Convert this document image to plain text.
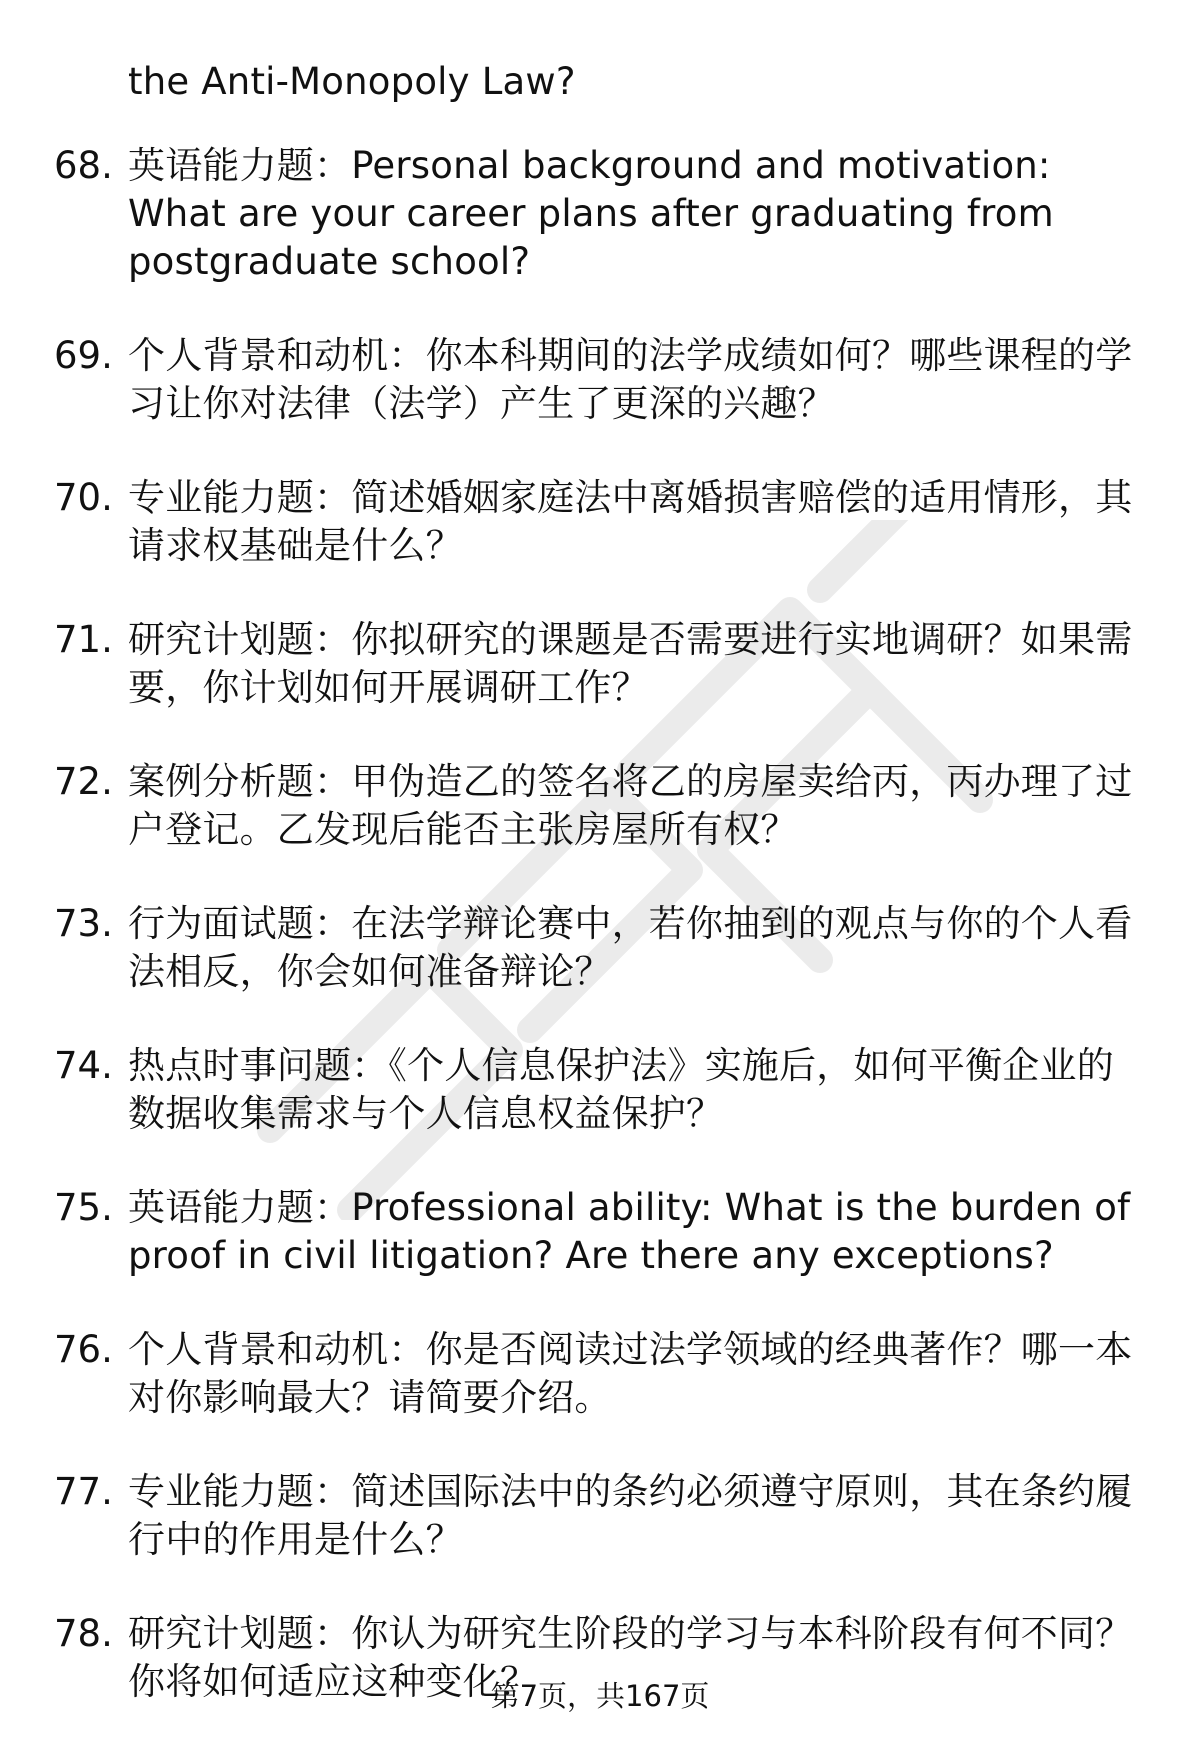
the Anti-Monopoly Law?
68. 英语能力题：Personal background and motivation: What are your career plans after graduating from postgraduate school?
69. 个人背景和动机：你本科期间的法学成绩如何？哪些课程的学习让你对法律（法学）产生了更深的兴趣？
70. 专业能力题：简述婚姻家庭法中离婚损害赔偿的适用情形，其请求权基础是什么？
71. 研究计划题：你拟研究的课题是否需要进行实地调研？如果需要，你计划如何开展调研工作？
72. 案例分析题：甲伪造乙的签名将乙的房屋卖给丙，丙办理了过户登记。乙发现后能否主张房屋所有权？
73. 行为面试题：在法学辩论赛中，若你抽到的观点与你的个人看法相反，你会如何准备辩论？
74. 热点时事问题：《个人信息保护法》实施后，如何平衡企业的数据收集需求与个人信息权益保护？
75. 英语能力题：Professional ability: What is the burden of proof in civil litigation? Are there any exceptions?
76. 个人背景和动机：你是否阅读过法学领域的经典著作？哪一本对你影响最大？请简要介绍。
77. 专业能力题：简述国际法中的条约必须遵守原则，其在条约履行中的作用是什么？
78. 研究计划题：你认为研究生阶段的学习与本科阶段有何不同？你将如何适应这种变化？
第7页，共167页
